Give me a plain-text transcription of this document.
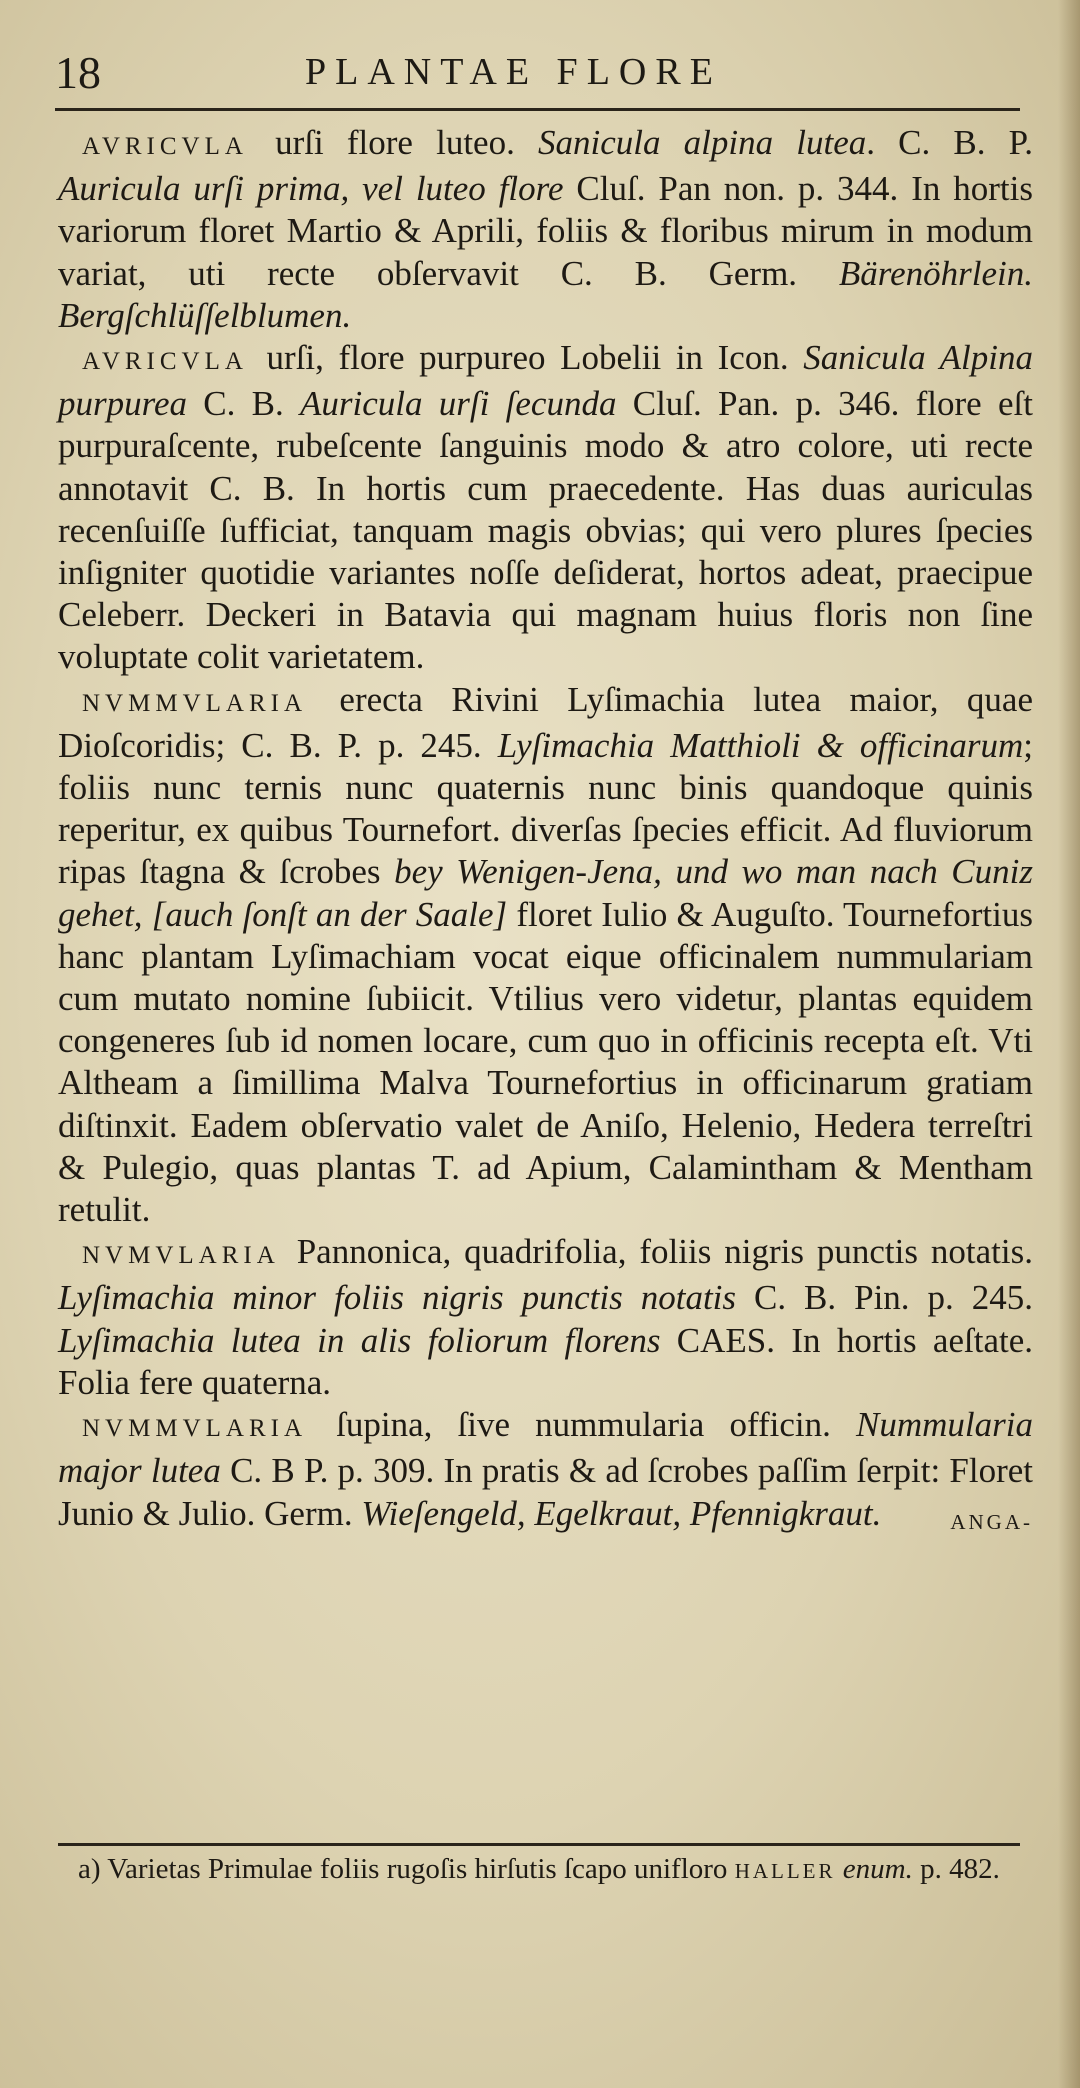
18	PLANTAE FLORE

AVRICVLA urſi flore luteo. Sanicula alpina lutea. C. B. P. Auricula urſi prima, vel luteo flore Cluſ. Pan non. p. 344. In hortis variorum floret Martio & Aprili, foliis & floribus mirum in modum variat, uti recte obſervavit C. B. Germ. Bärenöhrlein. Bergſchlüſſelblumen.

AVRICVLA urſi, flore purpureo Lobelii in Icon. Sanicula Alpina purpurea C. B. Auricula urſi ſecunda Cluſ. Pan. p. 346. flore eſt purpuraſcente, rubeſcente ſanguinis modo & atro colore, uti recte annotavit C. B. In hortis cum praecedente. Has duas auriculas recenſuiſſe ſufficiat, tanquam magis obvias; qui vero plures ſpecies inſigniter quotidie variantes noſſe deſiderat, hortos adeat, praecipue Celeberr. Deckeri in Batavia qui magnam huius floris non ſine voluptate colit varietatem.

NVMMVLARIA erecta Rivini Lyſimachia lutea maior, quae Dioſcoridis; C. B. P. p. 245. Lyſimachia Matthioli & officinarum; foliis nunc ternis nunc quaternis nunc binis quandoque quinis reperitur, ex quibus Tournefort. diverſas ſpecies efficit. Ad fluviorum ripas ſtagna & ſcrobes bey Wenigen-Jena, und wo man nach Cuniz gehet, [auch ſonſt an der Saale] floret Iulio & Auguſto. Tournefortius hanc plantam Lyſimachiam vocat eique officinalem nummulariam cum mutato nomine ſubiicit. Vtilius vero videtur, plantas equidem congeneres ſub id nomen locare, cum quo in officinis recepta eſt. Vti Altheam a ſimillima Malva Tournefortius in officinarum gratiam diſtinxit. Eadem obſervatio valet de Aniſo, Helenio, Hedera terreſtri & Pulegio, quas plantas T. ad Apium, Calamintham & Mentham retulit.

NVMVLARIA Pannonica, quadrifolia, foliis nigris punctis notatis. Lyſimachia minor foliis nigris punctis notatis C. B. Pin. p. 245. Lyſimachia lutea in alis foliorum florens CAES. In hortis aeſtate. Folia fere quaterna.

NVMMVLARIA ſupina, ſive nummularia officin. Nummularia major lutea C. B P. p. 309. In pratis & ad ſcrobes paſſim ſerpit: Floret Junio & Julio. Germ. Wieſengeld, Egelkraut, Pfennigkraut.	ANGA-

a) Varietas Primulae foliis rugoſis hirſutis ſcapo unifloro HALLER enum. p. 482.
